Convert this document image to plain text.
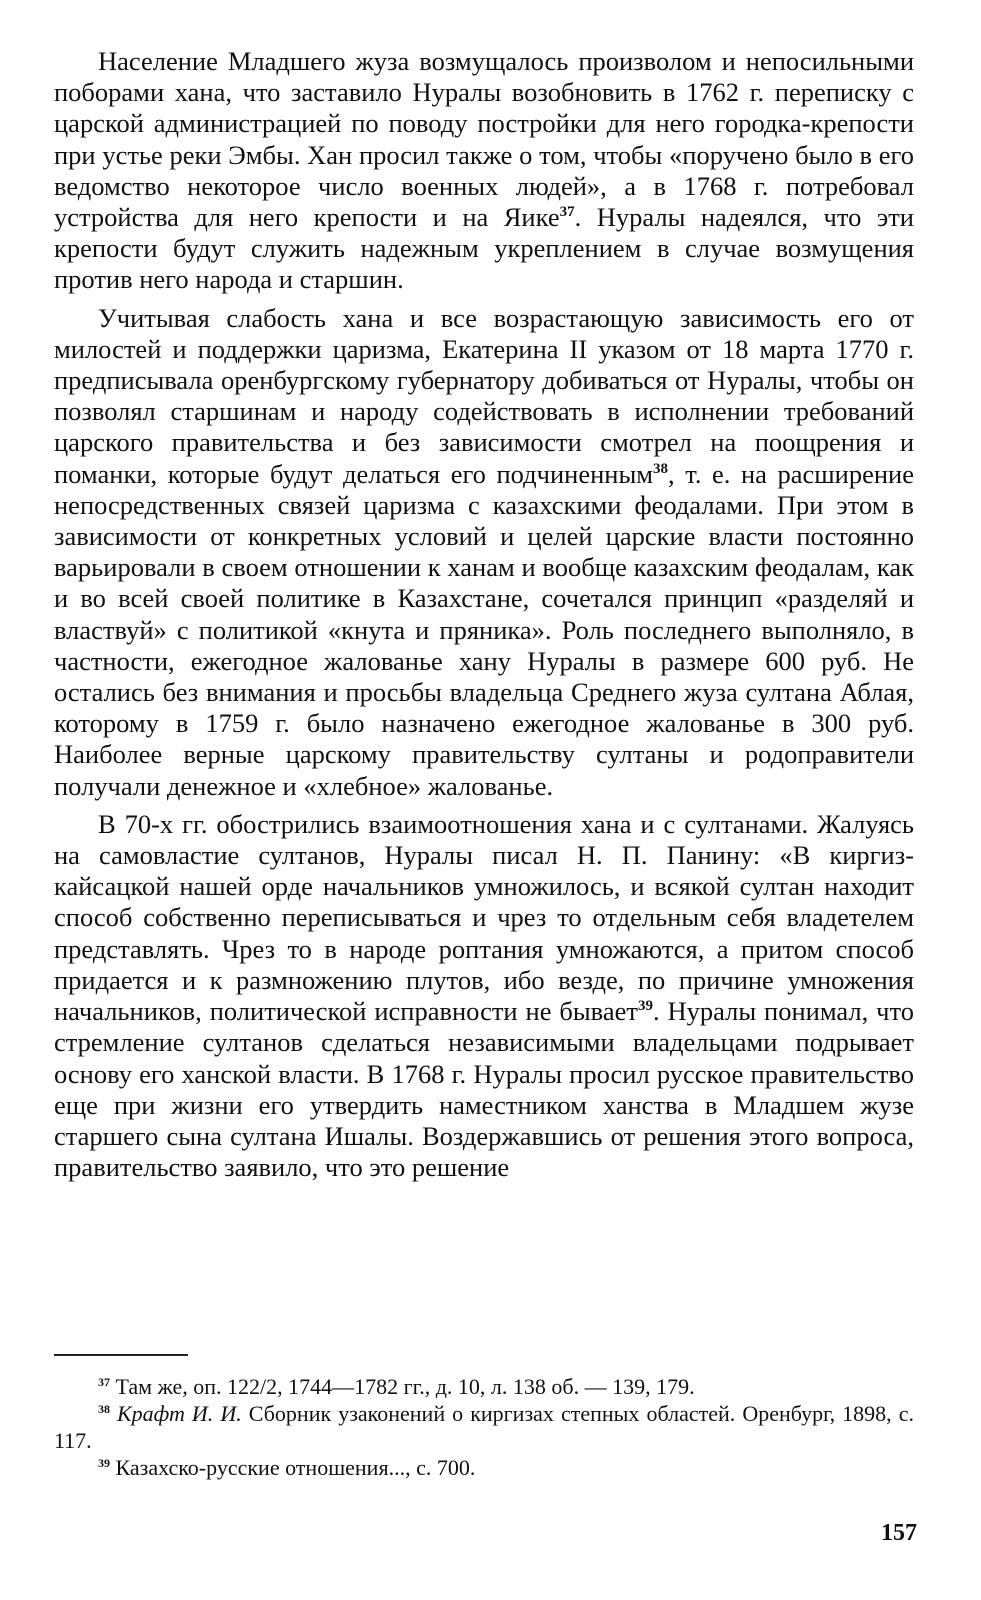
Население Младшего жуза возмущалось произволом и непосильными поборами хана, что заставило Нуралы возобновить в 1762 г. переписку с царской администрацией по поводу постройки для него городка-крепости при устье реки Эмбы. Хан просил также о том, чтобы «поручено было в его ведомство некоторое число военных людей», а в 1768 г. потребовал устройства для него крепости и на Яике$^{37}$. Нуралы надеялся, что эти крепости будут служить надежным укреплением в случае возмущения против него народа и старшин.

Учитывая слабость хана и все возрастающую зависимость его от милостей и поддержки царизма, Екатерина II указом от 18 марта 1770 г. предписывала оренбургскому губернатору добиваться от Нуралы, чтобы он позволял старшинам и народу содействовать в исполнении требований царского правительства и без зависимости смотрел на поощрения и поманки, которые будут делаться его подчиненным$^{38}$, т. е. на расширение непосредственных связей царизма с казахскими феодалами. При этом в зависимости от конкретных условий и целей царские власти постоянно варьировали в своем отношении к ханам и вообще казахским феодалам, как и во всей своей политике в Казахстане, сочетался принцип «разделяй и властвуй» с политикой «кнута и пряника». Роль последнего выполняло, в частности, ежегодное жалованье хану Нуралы в размере 600 руб. Не остались без внимания и просьбы владельца Среднего жуза султана Аблая, которому в 1759 г. было назначено ежегодное жалованье в 300 руб. Наиболее верные царскому правительству султаны и родоправители получали денежное и «хлебное» жалованье.

В 70-х гг. обострились взаимоотношения хана и с султанами. Жалуясь на самовластие султанов, Нуралы писал Н. П. Панину: «В киргиз-кайсацкой нашей орде начальников умножилось, и всякой султан находит способ собственно переписываться и чрез то отдельным себя владетелем представлять. Чрез то в народе роптания умножаются, а притом способ придается и к размножению плутов, ибо везде, по причине умножения начальников, политической исправности не бывает$^{39}$. Нуралы понимал, что стремление султанов сделаться независимыми владельцами подрывает основу его ханской власти. В 1768 г. Нуралы просил русское правительство еще при жизни его утвердить наместником ханства в Младшем жузе старшего сына султана Ишалы. Воздержавшись от решения этого вопроса, правительство заявило, что это решение

$^{37}$ Там же, оп. 122/2, 1744—1782 гг., д. 10, л. 138 об. — 139, 179.

$^{38}$ Крафт И. И. Сборник узаконений о киргизах степных областей. Оренбург, 1898, с. 117.

$^{39}$ Казахско-русские отношения..., с. 700.

157
